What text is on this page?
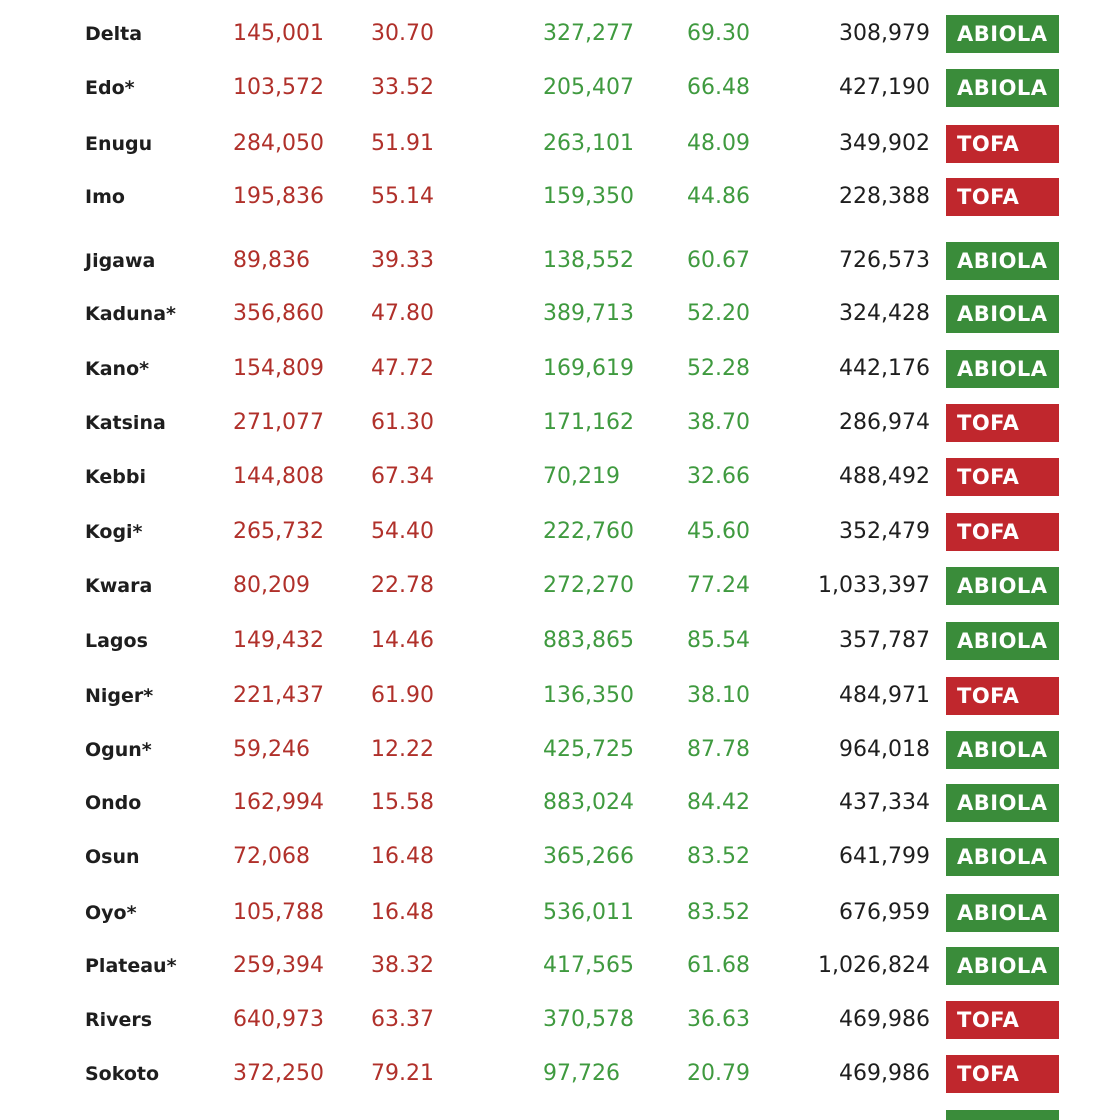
Delta	145,001 30.70	327,277 69.30	308,979	ABIOLA
Edo*	103,572 33.52	205,407 66.48	427,190	ABIOLA
Enugu	284,050 51.91	263,101 48.09	349,902	TOFA
Imo	195,836 55.14	159,350 44.86	228,388	TOFA
Jigawa	89,836	39.33	138,552 60.67	726,573	ABIOLA
Kaduna*	356,860 47.80	389,713 52.20	324,428	ABIOLA
Kano*	154,809 47.72	169,619 52.28	442,176	ABIOLA
Katsina	271,077 61.30	171,162 38.70	286,974	TOFA
Kebbi	144,808 67.34	70,219	32.66	488,492	TOFA
Kogi*	265,732 54.40	222,760 45.60	352,479	TOFA
Kwara	80,209	22.78	272,270 77.24	1,033,397	ABIOLA
Lagos	149,432 14.46	883,865 85.54	357,787	ABIOLA
Niger*	221,437 61.90	136,350 38.10	484,971	TOFA
Ogun*	59,246	12.22	425,725 87.78	964,018	ABIOLA
Ondo	162,994 15.58	883,024 84.42	437,334	ABIOLA
Osun	72,068	16.48	365,266 83.52	641,799	ABIOLA
Oyo*	105,788 16.48	536,011 83.52	676,959	ABIOLA
Plateau*	259,394 38.32	417,565 61.68	1,026,824	ABIOLA
Rivers	640,973 63.37	370,578 36.63	469,986	TOFA
Sokoto	372,250 79.21	97,726	20.79	469,986	TOFA
